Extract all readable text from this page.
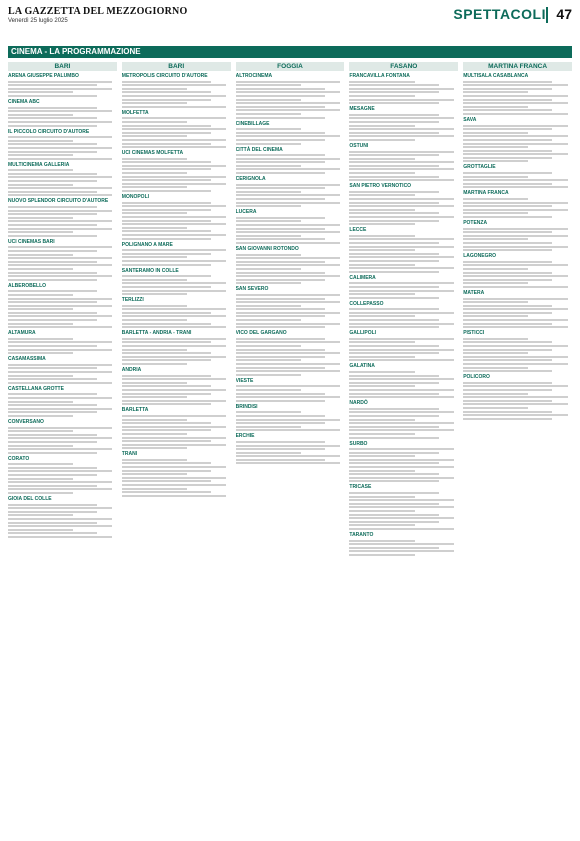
LA GAZZETTA DEL MEZZOGIORNO
Venerdì 25 luglio 2025	SPETTACOLI 47
CINEMA - LA PROGRAMMAZIONE
BARI
ARENA GIUSEPPE PALUMBO
CINEMA ABC
IL PICCOLO CIRCUITO D'AUTORE
MULTICINEMA GALLERIA
NUOVO SPLENDOR CIRCUITO D'AUTORE
UCI CINEMAS BARI
ALBEROBELLO
ALTAMURA
CASAMASSIMA
CASTELLANA GROTTE
CONVERSANO
CORATO
GIOIA DEL COLLE
BARI
METROPOLIS CIRCUITO D'AUTORE
MOLFETTA
UCI CINEMAS MOLFETTA
MONOPOLI
POLIGNANO A MARE
SANTERAMO IN COLLE
TERLIZZI
BARLETTA - ANDRIA - TRANI
ANDRIA
BARLETTA
TRANI
FOGGIA
ALTROCINEMA
CINEBILLAGE
CITTÀ DEL CINEMA
CERIGNOLA
LUCERA
SAN GIOVANNI ROTONDO
SAN SEVERO
VICO DEL GARGANO
VIESTE
BRINDISI
ERCHIE
FASANO
FRANCAVILLA FONTANA
MESAGNE
OSTUNI
SAN PIETRO VERNOTICO
LECCE
CALIMERA
COLLEPASSO
GALLIPOLI
GALATINA
NARDÒ
SURBO
TRICASE
TARANTO
MARTINA FRANCA
MULTISALA CASABLANCA
SAVA
GROTTAGLIE
MARTINA FRANCA
POTENZA
LAGONEGRO
MATERA
PISTICCI
POLICORO
